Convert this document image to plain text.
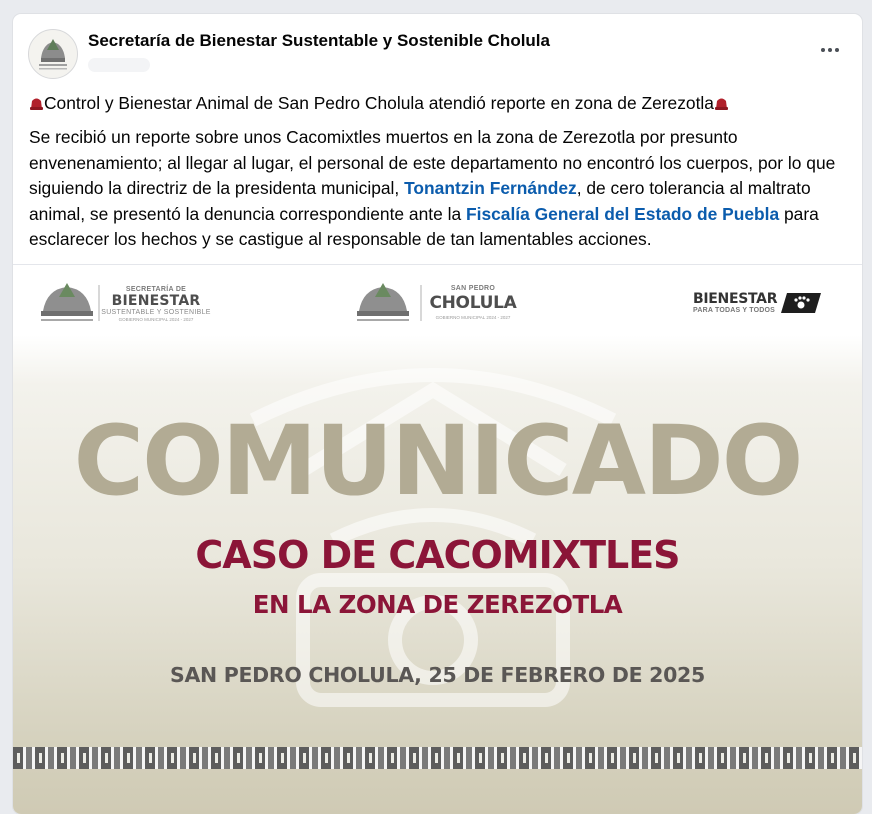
Secretaría de Bienestar Sustentable y Sostenible Cholula
Control y Bienestar Animal de San Pedro Cholula atendió reporte en zona de Zerezotla
Se recibió un reporte sobre unos Cacomixtles muertos en la zona de Zerezotla por presunto envenenamiento; al llegar al lugar, el personal de este departamento no encontró los cuerpos, por lo que siguiendo la directriz de la presidenta municipal, Tonantzin Fernández, de cero tolerancia al maltrato animal, se presentó la denuncia correspondiente ante la Fiscalía General del Estado de Puebla para esclarecer los hechos y se castigue al responsable de tan lamentables acciones.
SECRETARÍA DE
BIENESTAR
SUSTENTABLE Y SOSTENIBLE
GOBIERNO MUNICIPAL 2024 - 2027
SAN PEDRO
CHOLULA
GOBIERNO MUNICIPAL 2024 - 2027
BIENESTAR
PARA TODAS Y TODOS
COMUNICADO
CASO DE CACOMIXTLES
EN LA ZONA DE ZEREZOTLA
SAN PEDRO CHOLULA, 25 DE FEBRERO DE 2025
